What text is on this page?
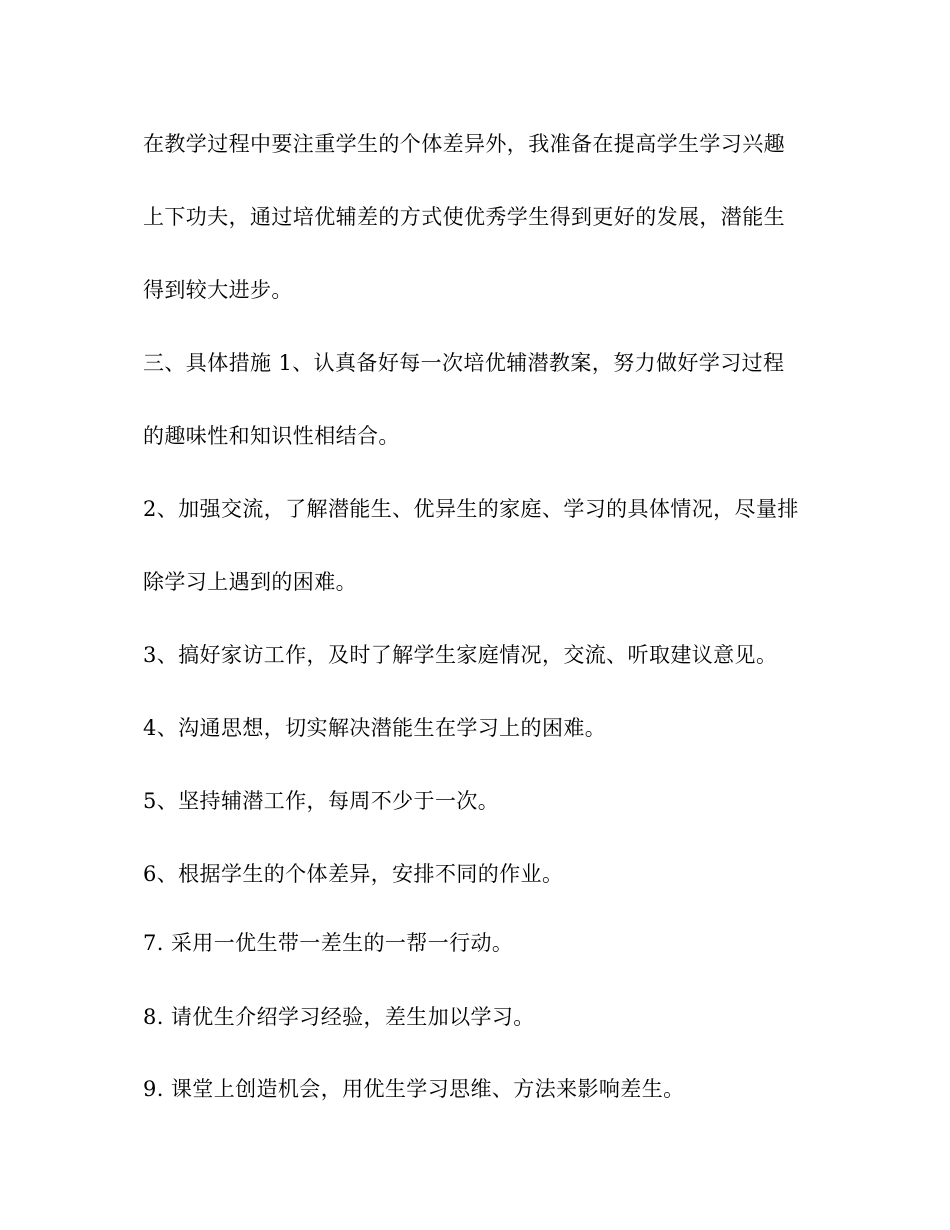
在教学过程中要注重学生的个体差异外，我准备在提高学生学习兴趣
上下功夫，通过培优辅差的方式使优秀学生得到更好的发展，潜能生
得到较大进步。
三、具体措施 1、认真备好每一次培优辅潜教案，努力做好学习过程
的趣味性和知识性相结合。
2、加强交流，了解潜能生、优异生的家庭、学习的具体情况，尽量排
除学习上遇到的困难。
3、搞好家访工作，及时了解学生家庭情况，交流、听取建议意见。
4、沟通思想，切实解决潜能生在学习上的困难。
5、坚持辅潜工作，每周不少于一次。
6、根据学生的个体差异，安排不同的作业。
7. 采用一优生带一差生的一帮一行动。
8. 请优生介绍学习经验，差生加以学习。
9. 课堂上创造机会，用优生学习思维、方法来影响差生。
